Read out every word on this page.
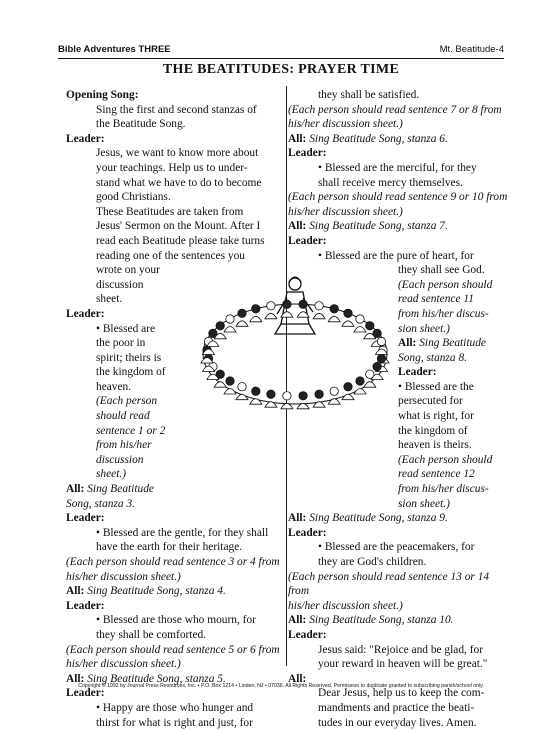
Bible Adventures THREE	Mt. Beatitude-4
THE BEATITUDES: PRAYER TIME

Opening Song:

Sing the first and second stanzas of

the Beatitude Song.

Leader:

Jesus, we want to know more about

your teachings. Help us to under-

stand what we have to do to become

good Christians.

These Beatitudes are taken from

Jesus' Sermon on the Mount. After I

read each Beatitude please take turns

reading one of the sentences you

wrote on your

discussion

sheet.

Leader:

• Blessed are

the poor in

spirit; theirs is

the kingdom of

heaven.

(Each person

should read

sentence 1 or 2

from his/her

discussion

sheet.)

All: Sing Beatitude

Song, stanza 3.

Leader:

• Blessed are the gentle, for they shall

have the earth for their heritage.

(Each person should read sentence 3 or 4 from

his/her discussion sheet.)

All: Sing Beatitude Song, stanza 4.

Leader:

• Blessed are those who mourn, for

they shall be comforted.

(Each person should read sentence 5 or 6 from

his/her discussion sheet.)

All: Sing Beatitude Song, stanza 5.

Leader:

• Happy are those who hunger and

thirst for what is right and just, for

they shall be satisfied.

(Each person should read sentence 7 or 8 from

his/her discussion sheet.)

All: Sing Beatitude Song, stanza 6.

Leader:

• Blessed are the merciful, for they

shall receive mercy themselves.

(Each person should read sentence 9 or 10 from

his/her discussion sheet.)

All: Sing Beatitude Song, stanza 7.

Leader:

• Blessed are the pure of heart, for

they shall see God.

(Each person should

read sentence 11

from his/her discus-

sion sheet.)

All: Sing Beatitude

Song, stanza 8.

Leader:

• Blessed are the

persecuted for

what is right, for

the kingdom of

heaven is theirs.

(Each person should

read sentence 12

from his/her discus-

sion sheet.)

All: Sing Beatitude Song, stanza 9.

Leader:

• Blessed are the peacemakers, for

they are God's children.

(Each person should read sentence 13 or 14 from

his/her discussion sheet.)

All: Sing Beatitude Song, stanza 10.

Leader:

Jesus said: "Rejoice and be glad, for

your reward in heaven will be great."

All:

Dear Jesus, help us to keep the com-

mandments and practice the beati-

tudes in our everyday lives. Amen.

Copyright © 1992 by Journal Press Resources, Inc. • P.O. Box 1214 • Linden, NJ • 07036. All Rights Reserved. Permission to duplicate granted to subscribing parish/school only.
